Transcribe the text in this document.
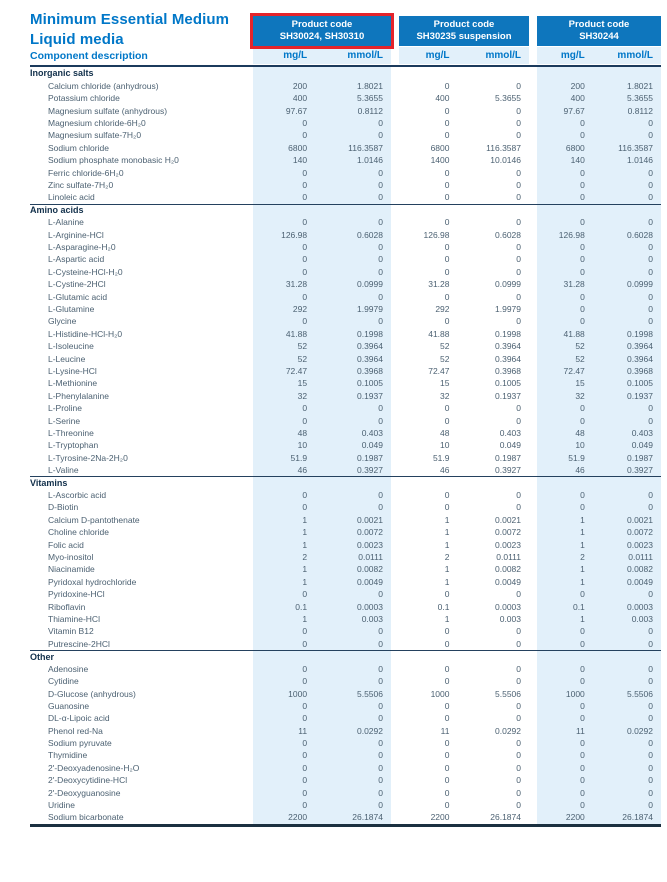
Minimum Essential Medium
Liquid media
Component description
Product code
SH30024, SH30310
mg/L	mmol/L
Product code
SH30235 suspension
mg/L	mmol/L
Product code
SH30244
mg/L	mmol/L
Inorganic salts
Calcium chloride (anhydrous)	200	1.8021	0	0	200	1.8021
Potassium chloride	400	5.3655	400	5.3655	400	5.3655
Magnesium sulfate (anhydrous)	97.67	0.8112	0	0	97.67	0.8112
Magnesium chloride-6H₂0	0	0	0	0	0	0
Magnesium sulfate-7H₂0	0	0	0	0	0	0
Sodium chloride	6800	116.3587	6800	116.3587	6800	116.3587
Sodium phosphate monobasic H₂0	140	1.0146	1400	10.0146	140	1.0146
Ferric chloride-6H₂0	0	0	0	0	0	0
Zinc sulfate-7H₂0	0	0	0	0	0	0
Linoleic acid	0	0	0	0	0	0
Amino acids
L-Alanine	0	0	0	0	0	0
L-Arginine-HCl	126.98	0.6028	126.98	0.6028	126.98	0.6028
L-Asparagine-H₂0	0	0	0	0	0	0
L-Aspartic acid	0	0	0	0	0	0
L-Cysteine-HCl-H₂0	0	0	0	0	0	0
L-Cystine-2HCl	31.28	0.0999	31.28	0.0999	31.28	0.0999
L-Glutamic acid	0	0	0	0	0	0
L-Glutamine	292	1.9979	292	1.9979	0	0
Glycine	0	0	0	0	0	0
L-Histidine-HCl-H₂0	41.88	0.1998	41.88	0.1998	41.88	0.1998
L-Isoleucine	52	0.3964	52	0.3964	52	0.3964
L-Leucine	52	0.3964	52	0.3964	52	0.3964
L-Lysine-HCl	72.47	0.3968	72.47	0.3968	72.47	0.3968
L-Methionine	15	0.1005	15	0.1005	15	0.1005
L-Phenylalanine	32	0.1937	32	0.1937	32	0.1937
L-Proline	0	0	0	0	0	0
L-Serine	0	0	0	0	0	0
L-Threonine	48	0.403	48	0.403	48	0.403
L-Tryptophan	10	0.049	10	0.049	10	0.049
L-Tyrosine-2Na-2H₂0	51.9	0.1987	51.9	0.1987	51.9	0.1987
L-Valine	46	0.3927	46	0.3927	46	0.3927
Vitamins
L-Ascorbic acid	0	0	0	0	0	0
D-Biotin	0	0	0	0	0	0
Calcium D-pantothenate	1	0.0021	1	0.0021	1	0.0021
Choline chloride	1	0.0072	1	0.0072	1	0.0072
Folic acid	1	0.0023	1	0.0023	1	0.0023
Myo-inositol	2	0.0111	2	0.0111	2	0.0111
Niacinamide	1	0.0082	1	0.0082	1	0.0082
Pyridoxal hydrochloride	1	0.0049	1	0.0049	1	0.0049
Pyridoxine-HCl	0	0	0	0	0	0
Riboflavin	0.1	0.0003	0.1	0.0003	0.1	0.0003
Thiamine-HCl	1	0.003	1	0.003	1	0.003
Vitamin B12	0	0	0	0	0	0
Putrescine-2HCl	0	0	0	0	0	0
Other
Adenosine	0	0	0	0	0	0
Cytidine	0	0	0	0	0	0
D-Glucose (anhydrous)	1000	5.5506	1000	5.5506	1000	5.5506
Guanosine	0	0	0	0	0	0
DL-α-Lipoic acid	0	0	0	0	0	0
Phenol red-Na	11	0.0292	11	0.0292	11	0.0292
Sodium pyruvate	0	0	0	0	0	0
Thymidine	0	0	0	0	0	0
2'-Deoxyadenosine-H₂O	0	0	0	0	0	0
2'-Deoxycytidine-HCl	0	0	0	0	0	0
2'-Deoxyguanosine	0	0	0	0	0	0
Uridine	0	0	0	0	0	0
Sodium bicarbonate	2200	26.1874	2200	26.1874	2200	26.1874
